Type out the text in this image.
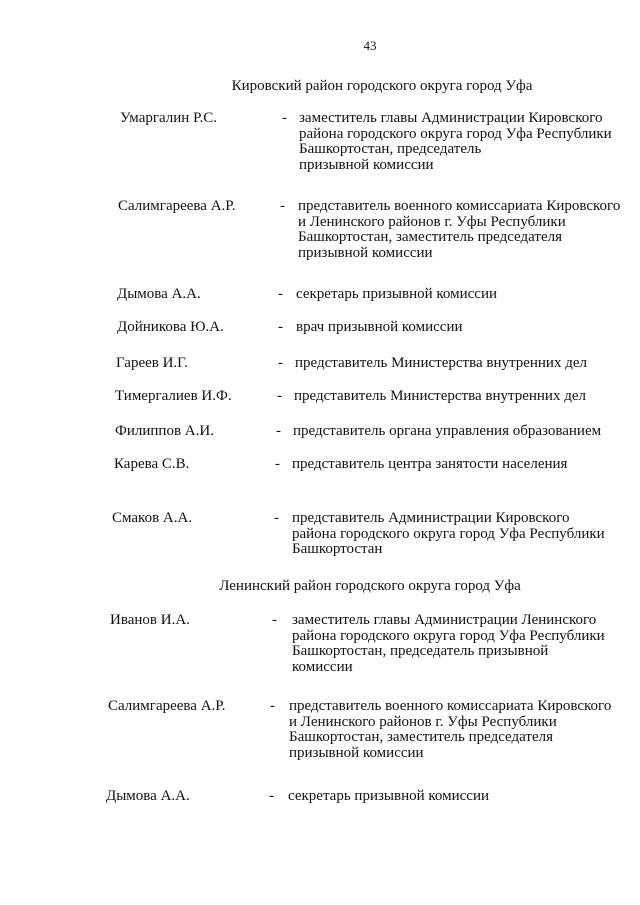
43
Кировский район городского округа город Уфа
Умаргалин Р.С.	- заместитель главы Администрации Кировского
района городского округа город Уфа Республики
Башкортостан, председатель
призывной комиссии
Салимгареева А.Р.	- представитель военного комиссариата Кировского
и Ленинского районов г. Уфы Республики
Башкортостан, заместитель председателя
призывной комиссии
Дымова А.А.	- секретарь призывной комиссии
Дойникова Ю.А.	- врач призывной комиссии
Гареев И.Г.	- представитель Министерства внутренних дел
Тимергалиев И.Ф.	- представитель Министерства внутренних дел
Филиппов А.И.	- представитель органа управления образованием
Карева С.В.	- представитель центра занятости населения
Смаков А.А.	- представитель Администрации Кировского
района городского округа город Уфа Республики
Башкортостан
Ленинский район городского округа город Уфа
Иванов И.А.	- заместитель главы Администрации Ленинского
района городского округа город Уфа Республики
Башкортостан, председатель призывной
комиссии
Салимгареева А.Р.	- представитель военного комиссариата Кировского
и Ленинского районов г. Уфы Республики
Башкортостан, заместитель председателя
призывной комиссии
Дымова А.А.	- секретарь призывной комиссии
